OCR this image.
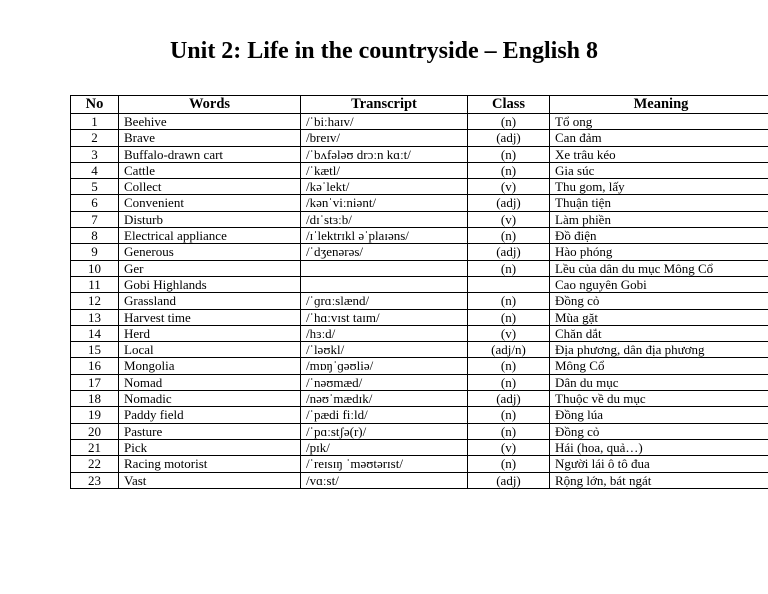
Unit 2: Life in the countryside – English 8
No	Words	Transcript	Class	Meaning
1	Beehive	/ˈbiːhaɪv/	(n)	Tổ ong
2	Brave	/breɪv/	(adj)	Can đảm
3	Buffalo-drawn cart	/ˈbʌfələʊ drɔːn kɑːt/	(n)	Xe trâu kéo
4	Cattle	/ˈkætl/	(n)	Gia súc
5	Collect	/kəˈlekt/	(v)	Thu gom, lấy
6	Convenient	/kənˈviːniənt/	(adj)	Thuận tiện
7	Disturb	/dɪˈstɜːb/	(v)	Làm phiền
8	Electrical appliance	/ɪˈlektrɪkl əˈplaɪəns/	(n)	Đồ điện
9	Generous	/ˈdʒenərəs/	(adj)	Hào phóng
10	Ger		(n)	Lều của dân du mục Mông Cổ
11	Gobi Highlands			Cao nguyên Gobi
12	Grassland	/ˈɡrɑːslænd/	(n)	Đồng cỏ
13	Harvest time	/ˈhɑːvɪst taɪm/	(n)	Mùa gặt
14	Herd	/hɜːd/	(v)	Chăn dắt
15	Local	/ˈləʊkl/	(adj/n)	Địa phương, dân địa phương
16	Mongolia	/mɒŋˈɡəʊliə/	(n)	Mông Cổ
17	Nomad	/ˈnəʊmæd/	(n)	Dân du mục
18	Nomadic	/nəʊˈmædɪk/	(adj)	Thuộc về du mục
19	Paddy field	/ˈpædi fiːld/	(n)	Đồng lúa
20	Pasture	/ˈpɑːstʃə(r)/	(n)	Đồng cỏ
21	Pick	/pɪk/	(v)	Hái (hoa, quả…)
22	Racing motorist	/ˈreɪsɪŋ ˈməʊtərɪst/	(n)	Người lái ô tô đua
23	Vast	/vɑːst/	(adj)	Rộng lớn, bát ngát
